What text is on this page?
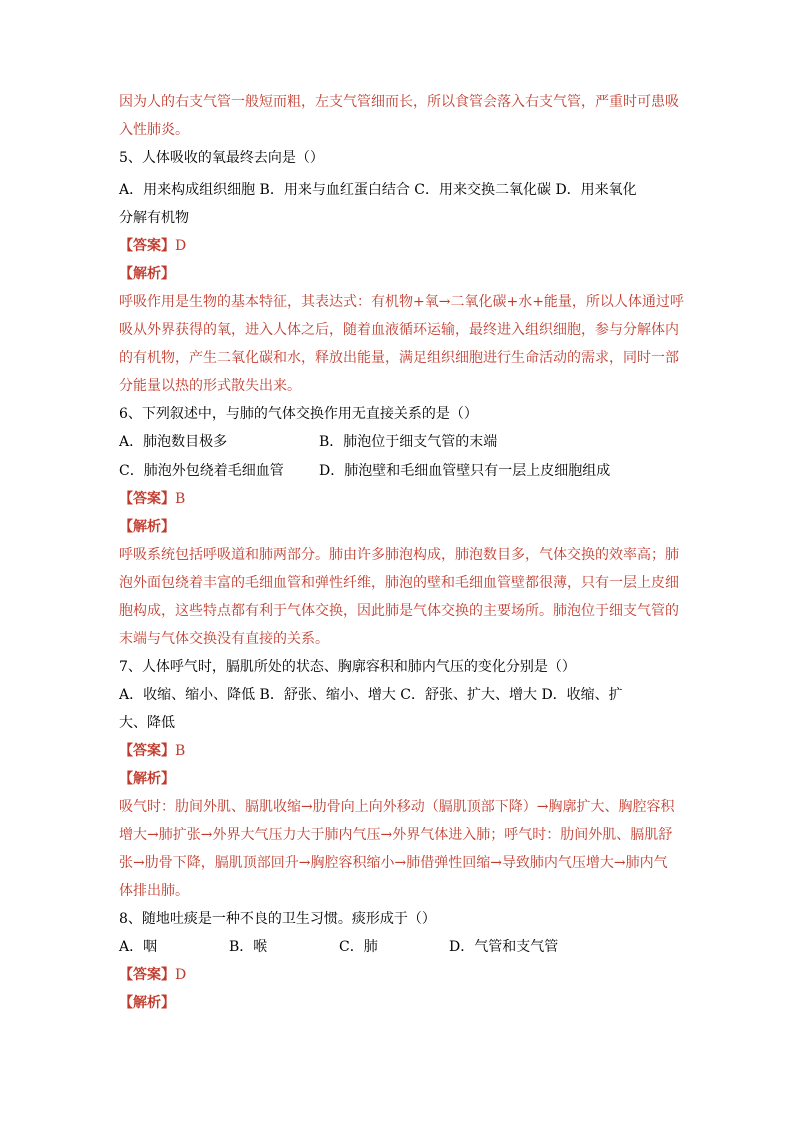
因为人的右支气管一般短而粗，左支气管细而长，所以食管会落入右支气管，严重时可患吸
入性肺炎。
5、人体吸收的氧最终去向是（）
A．用来构成组织细胞 B．用来与血红蛋白结合 C．用来交换二氧化碳 D．用来氧化
分解有机物
【答案】D
【解析】
呼吸作用是生物的基本特征，其表达式：有机物+氧→二氧化碳+水+能量，所以人体通过呼
吸从外界获得的氧，进入人体之后，随着血液循环运输，最终进入组织细胞，参与分解体内
的有机物，产生二氧化碳和水，释放出能量，满足组织细胞进行生命活动的需求，同时一部
分能量以热的形式散失出来。
6、下列叙述中，与肺的气体交换作用无直接关系的是（）
A．肺泡数目极多	B．肺泡位于细支气管的末端
C．肺泡外包绕着毛细血管	D．肺泡壁和毛细血管壁只有一层上皮细胞组成
【答案】B
【解析】
呼吸系统包括呼吸道和肺两部分。肺由许多肺泡构成，肺泡数目多，气体交换的效率高；肺
泡外面包绕着丰富的毛细血管和弹性纤维，肺泡的壁和毛细血管壁都很薄，只有一层上皮细
胞构成，这些特点都有利于气体交换，因此肺是气体交换的主要场所。肺泡位于细支气管的
末端与气体交换没有直接的关系。
7、人体呼气时，膈肌所处的状态、胸廓容积和肺内气压的变化分别是（）
A．收缩、缩小、降低 B．舒张、缩小、增大 C．舒张、扩大、增大 D．收缩、扩
大、降低
【答案】B
【解析】
吸气时：肋间外肌、膈肌收缩→肋骨向上向外移动（膈肌顶部下降）→胸廓扩大、胸腔容积
增大→肺扩张→外界大气压力大于肺内气压→外界气体进入肺；呼气时：肋间外肌、膈肌舒
张→肋骨下降，膈肌顶部回升→胸腔容积缩小→肺借弹性回缩→导致肺内气压增大→肺内气
体排出肺。
8、随地吐痰是一种不良的卫生习惯。痰形成于（）
A．咽	B．喉	C．肺	D．气管和支气管
【答案】D
【解析】
